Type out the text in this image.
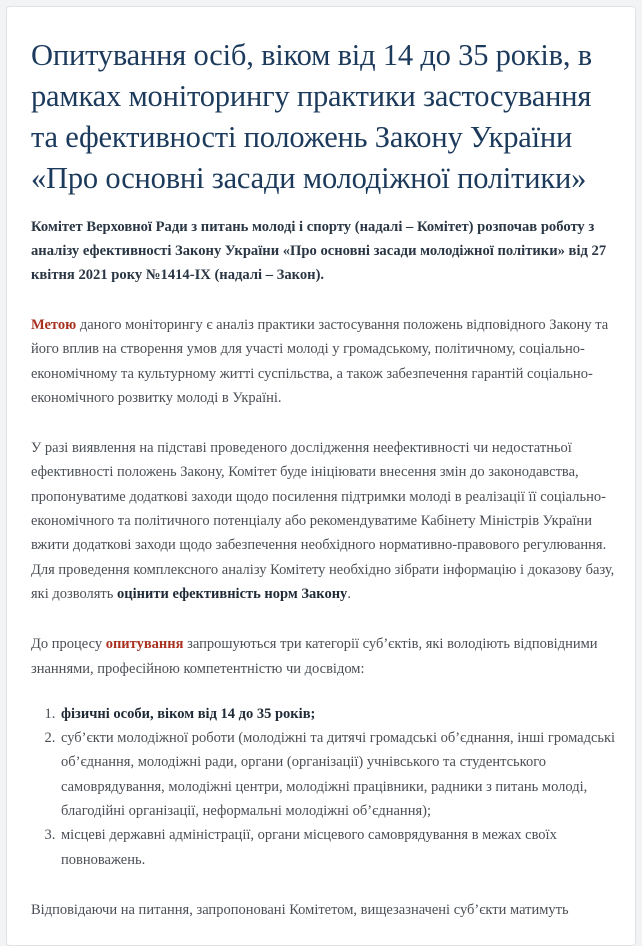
Опитування осіб, віком від 14 до 35 років, в рамках моніторингу практики застосування та ефективності положень Закону України «Про основні засади молодіжної політики»

Комітет Верховної Ради з питань молоді і спорту (надалі – Комітет) розпочав роботу з аналізу ефективності Закону України «Про основні засади молодіжної політики» від 27 квітня 2021 року №1414-IX (надалі – Закон).

Метою даного моніторингу є аналіз практики застосування положень відповідного Закону та його вплив на створення умов для участі молоді у громадському, політичному, соціально-економічному та культурному житті суспільства, а також забезпечення гарантій соціально-економічного розвитку молоді в Україні.

У разі виявлення на підставі проведеного дослідження неефективності чи недостатньої ефективності положень Закону, Комітет буде ініціювати внесення змін до законодавства, пропонуватиме додаткові заходи щодо посилення підтримки молоді в реалізації її соціально-економічного та політичного потенціалу або рекомендуватиме Кабінету Міністрів України вжити додаткові заходи щодо забезпечення необхідного нормативно-правового регулювання.

Для проведення комплексного аналізу Комітету необхідно зібрати інформацію і доказову базу, які дозволять оцінити ефективність норм Закону.

До процесу опитування запрошуються три категорії суб’єктів, які володіють відповідними знаннями, професійною компетентністю чи досвідом:

1. фізичні особи, віком від 14 до 35 років;
2. суб’єкти молодіжної роботи (молодіжні та дитячі громадські об’єднання, інші громадські об’єднання, молодіжні ради, органи (організації) учнівського та студентського самоврядування, молодіжні центри, молодіжні працівники, радники з питань молоді, благодійні організації, неформальні молодіжні об’єднання);
3. місцеві державні адміністрації, органи місцевого самоврядування в межах своїх повноважень.

Відповідаючи на питання, запропоновані Комітетом, вищезазначені суб’єкти матимуть
